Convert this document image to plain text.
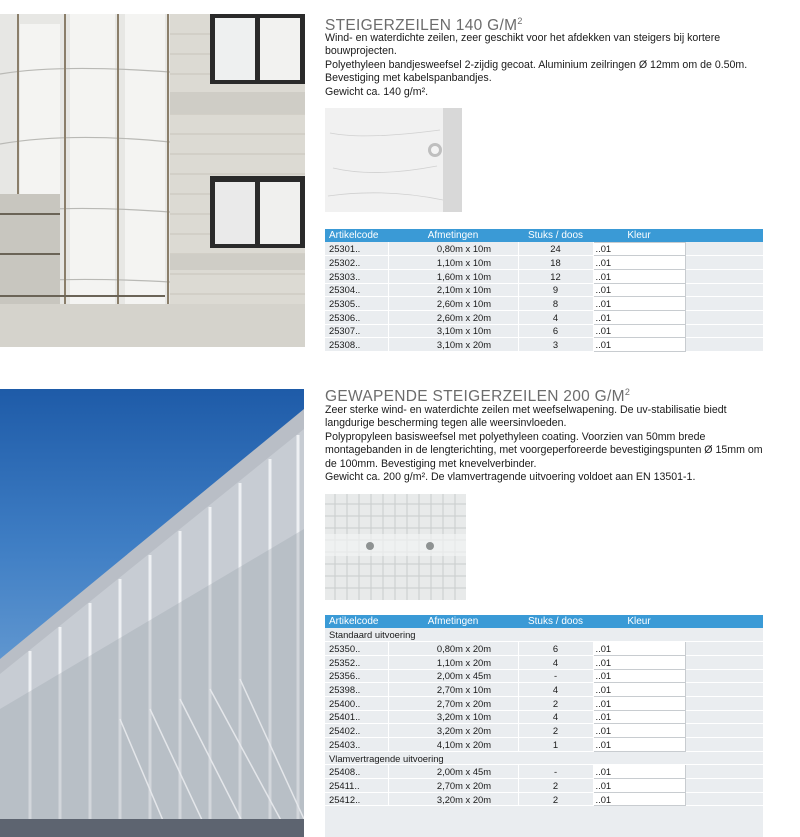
STEIGERZEILEN 140 $G/M^2$

Wind- en waterdichte zeilen, zeer geschikt voor het afdekken van steigers bij kortere bouwprojecten.

Polyethyleen bandjesweefsel 2-zijdig gecoat. Aluminium zeilringen Ø 12mm om de 0.50m. Bevestiging met kabelspanbandjes.

Gewicht ca. 140 g/m².

Artikelcode	Afmetingen	Stuks / doos	Kleur	
25301..	0,80m x 10m	24	..01	
25302..	1,10m x 10m	18	..01	
25303..	1,60m x 10m	12	..01	
25304..	2,10m x 10m	9	..01	
25305..	2,60m x 10m	8	..01	
25306..	2,60m x 20m	4	..01	
25307..	3,10m x 10m	6	..01	
25308..	3,10m x 20m	3	..01	
GEWAPENDE STEIGERZEILEN 200 $G/M^2$

Zeer sterke wind- en waterdichte zeilen met weefselwapening. De uv-stabilisatie biedt langdurige bescherming tegen alle weersinvloeden.

Polypropyleen basisweefsel met polyethyleen coating. Voorzien van 50mm brede montagebanden in de lengterichting, met voorgeperforeerde bevestigingspunten Ø 15mm om de 100mm. Bevestiging met knevelverbinder.

Gewicht ca. 200 g/m². De vlamvertragende uitvoering voldoet aan EN 13501-1.

Artikelcode	Afmetingen	Stuks / doos	Kleur	
Standaard uitvoering				
25350..	0,80m x 20m	6	..01	
25352..	1,10m x 20m	4	..01	
25356..	2,00m x 45m	-	..01	
25398..	2,70m x 10m	4	..01	
25400..	2,70m x 20m	2	..01	
25401..	3,20m x 10m	4	..01	
25402..	3,20m x 20m	2	..01	
25403..	4,10m x 20m	1	..01	
Vlamvertragende uitvoering				
25408..	2,00m x 45m	-	..01	
25411..	2,70m x 20m	2	..01	
25412..	3,20m x 20m	2	..01	
